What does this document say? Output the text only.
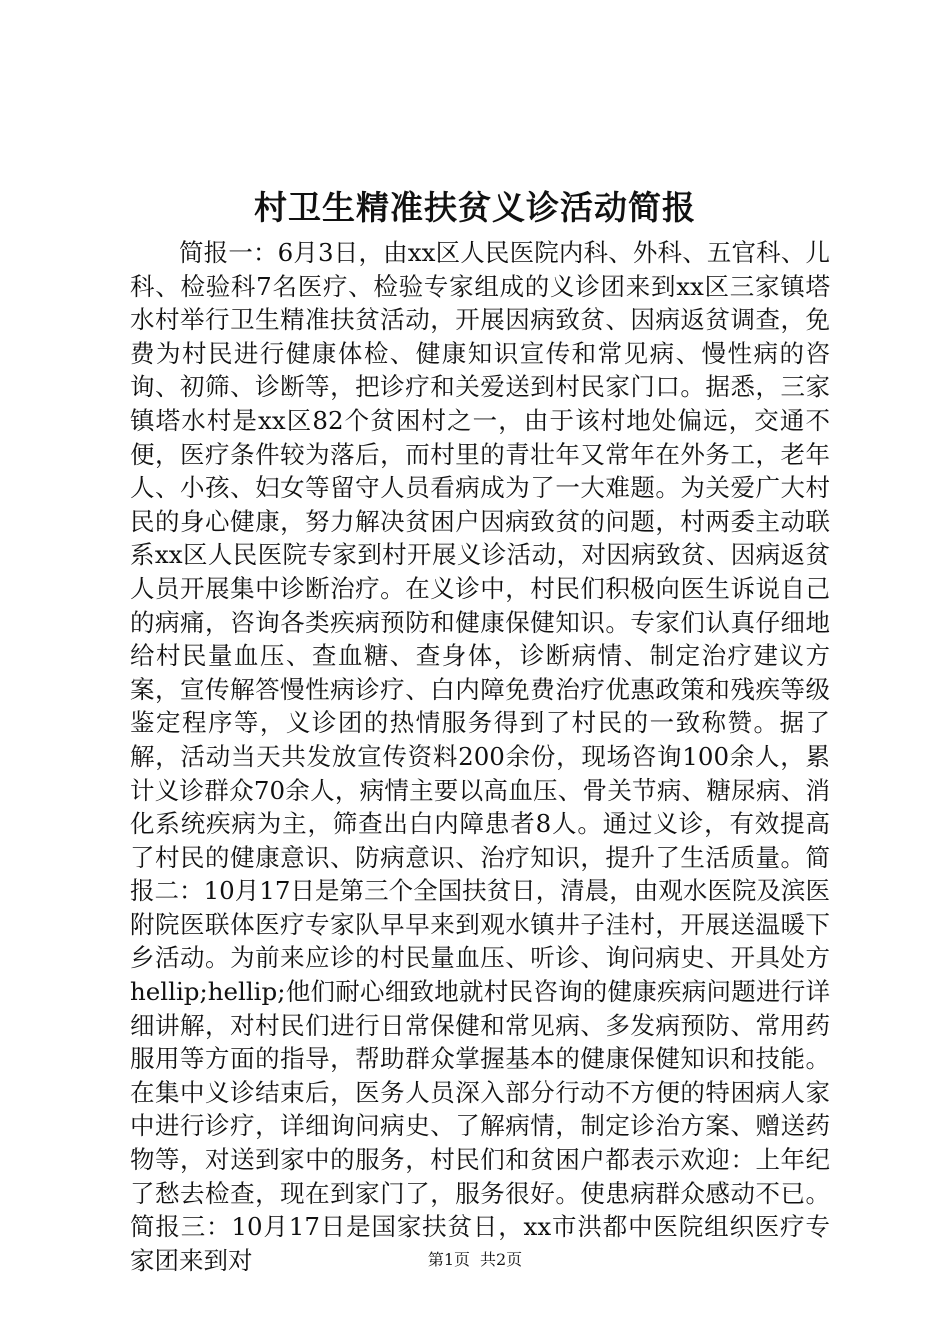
村卫生精准扶贫义诊活动简报

简报一：6月3日，由xx区人民医院内科、外科、五官科、儿科、检验科7名医疗、检验专家组成的义诊团来到xx区三家镇塔水村举行卫生精准扶贫活动，开展因病致贫、因病返贫调查，免费为村民进行健康体检、健康知识宣传和常见病、慢性病的咨询、初筛、诊断等，把诊疗和关爱送到村民家门口。据悉，三家镇塔水村是xx区82个贫困村之一，由于该村地处偏远，交通不便，医疗条件较为落后，而村里的青壮年又常年在外务工，老年人、小孩、妇女等留守人员看病成为了一大难题。为关爱广大村民的身心健康，努力解决贫困户因病致贫的问题，村两委主动联系xx区人民医院专家到村开展义诊活动，对因病致贫、因病返贫人员开展集中诊断治疗。在义诊中，村民们积极向医生诉说自己的病痛，咨询各类疾病预防和健康保健知识。专家们认真仔细地给村民量血压、查血糖、查身体，诊断病情、制定治疗建议方案，宣传解答慢性病诊疗、白内障免费治疗优惠政策和残疾等级鉴定程序等，义诊团的热情服务得到了村民的一致称赞。据了解，活动当天共发放宣传资料200余份，现场咨询100余人，累计义诊群众70余人，病情主要以高血压、骨关节病、糖尿病、消化系统疾病为主，筛查出白内障患者8人。通过义诊，有效提高了村民的健康意识、防病意识、治疗知识，提升了生活质量。简报二：10月17日是第三个全国扶贫日，清晨，由观水医院及滨医附院医联体医疗专家队早早来到观水镇井子洼村，开展送温暖下乡活动。为前来应诊的村民量血压、听诊、询问病史、开具处方hellip;hellip;他们耐心细致地就村民咨询的健康疾病问题进行详细讲解，对村民们进行日常保健和常见病、多发病预防、常用药服用等方面的指导，帮助群众掌握基本的健康保健知识和技能。在集中义诊结束后，医务人员深入部分行动不方便的特困病人家中进行诊疗，详细询问病史、了解病情，制定诊治方案、赠送药物等，对送到家中的服务，村民们和贫困户都表示欢迎：上年纪了愁去检查，现在到家门了，服务很好。使患病群众感动不已。简报三：10月17日是国家扶贫日，xx市洪都中医院组织医疗专家团来到对	第1页 共2页
